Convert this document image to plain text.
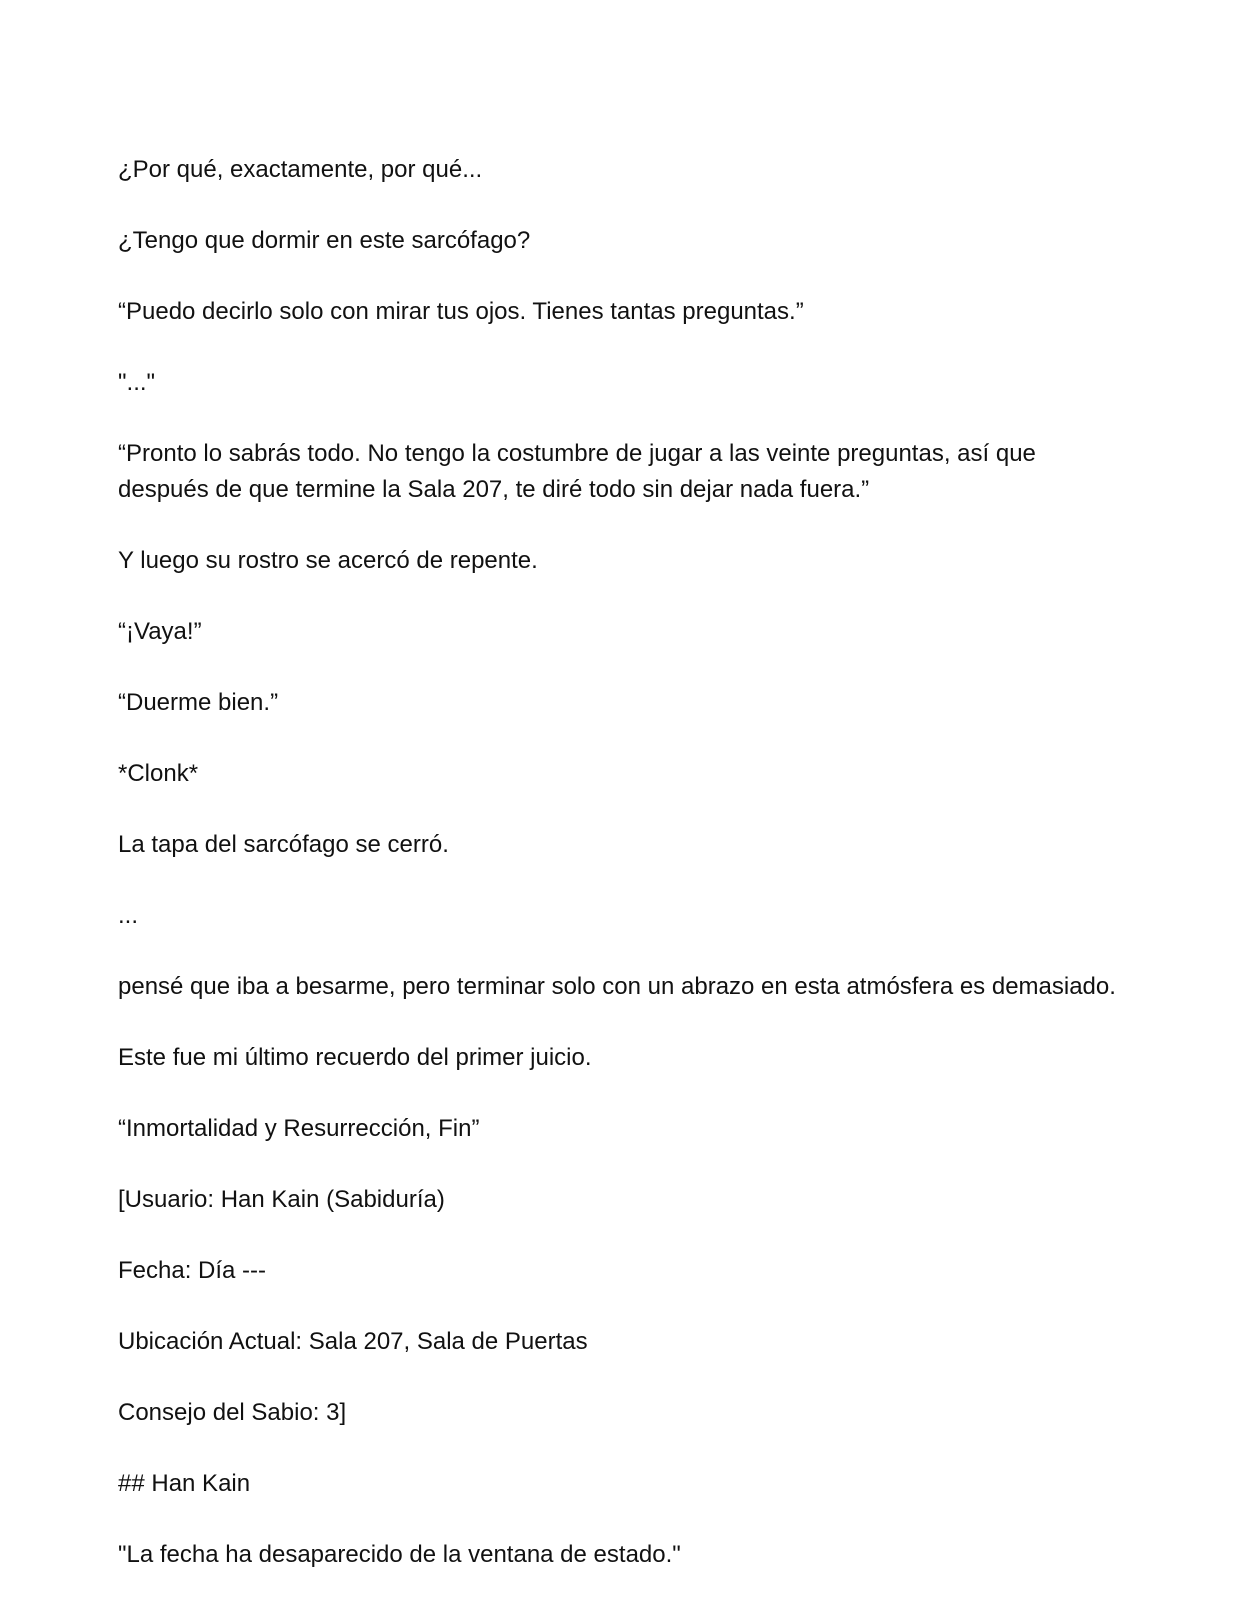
¿Por qué, exactamente, por qué...

¿Tengo que dormir en este sarcófago?

“Puedo decirlo solo con mirar tus ojos. Tienes tantas preguntas.”

"..."

“Pronto lo sabrás todo. No tengo la costumbre de jugar a las veinte preguntas, así que después de que termine la Sala 207, te diré todo sin dejar nada fuera.”

Y luego su rostro se acercó de repente.

“¡Vaya!”

“Duerme bien.”

*Clonk*

La tapa del sarcófago se cerró.

...

pensé que iba a besarme, pero terminar solo con un abrazo en esta atmósfera es demasiado.

Este fue mi último recuerdo del primer juicio.

“Inmortalidad y Resurrección, Fin”

[Usuario: Han Kain (Sabiduría)

Fecha: Día ---

Ubicación Actual: Sala 207, Sala de Puertas

Consejo del Sabio: 3]

## Han Kain

"La fecha ha desaparecido de la ventana de estado."
